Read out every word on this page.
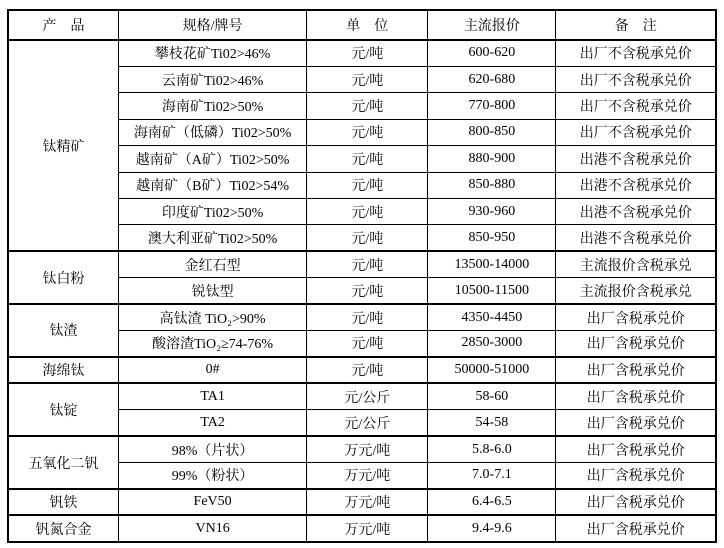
产　品	规格/牌号	单　位	主流报价	备　注
钛精矿	攀枝花矿Ti02>46%	元/吨	600-620	出厂不含税承兑价
	云南矿Ti02>46%	元/吨	620-680	出厂不含税承兑价
	海南矿Ti02>50%	元/吨	770-800	出厂不含税承兑价
	海南矿（低磷）Ti02>50%	元/吨	800-850	出厂不含税承兑价
	越南矿（A矿）Ti02>50%	元/吨	880-900	出港不含税承兑价
	越南矿（B矿）Ti02>54%	元/吨	850-880	出港不含税承兑价
	印度矿Ti02>50%	元/吨	930-960	出港不含税承兑价
	澳大利亚矿Ti02>50%	元/吨	850-950	出港不含税承兑价
钛白粉	金红石型	元/吨	13500-14000	主流报价含税承兑
	锐钛型	元/吨	10500-11500	主流报价含税承兑
钛渣	高钛渣 TiO₂>90%	元/吨	4350-4450	出厂含税承兑价
	酸溶渣TiO₂≥74-76%	元/吨	2850-3000	出厂含税承兑价
海绵钛	0#	元/吨	50000-51000	出厂含税承兑价
钛锭	TA1	元/公斤	58-60	出厂含税承兑价
	TA2	元/公斤	54-58	出厂含税承兑价
五氧化二钒	98%（片状）	万元/吨	5.8-6.0	出厂含税承兑价
	99%（粉状）	万元/吨	7.0-7.1	出厂含税承兑价
钒铁	FeV50	万元/吨	6.4-6.5	出厂含税承兑价
钒氮合金	VN16	万元/吨	9.4-9.6	出厂含税承兑价
